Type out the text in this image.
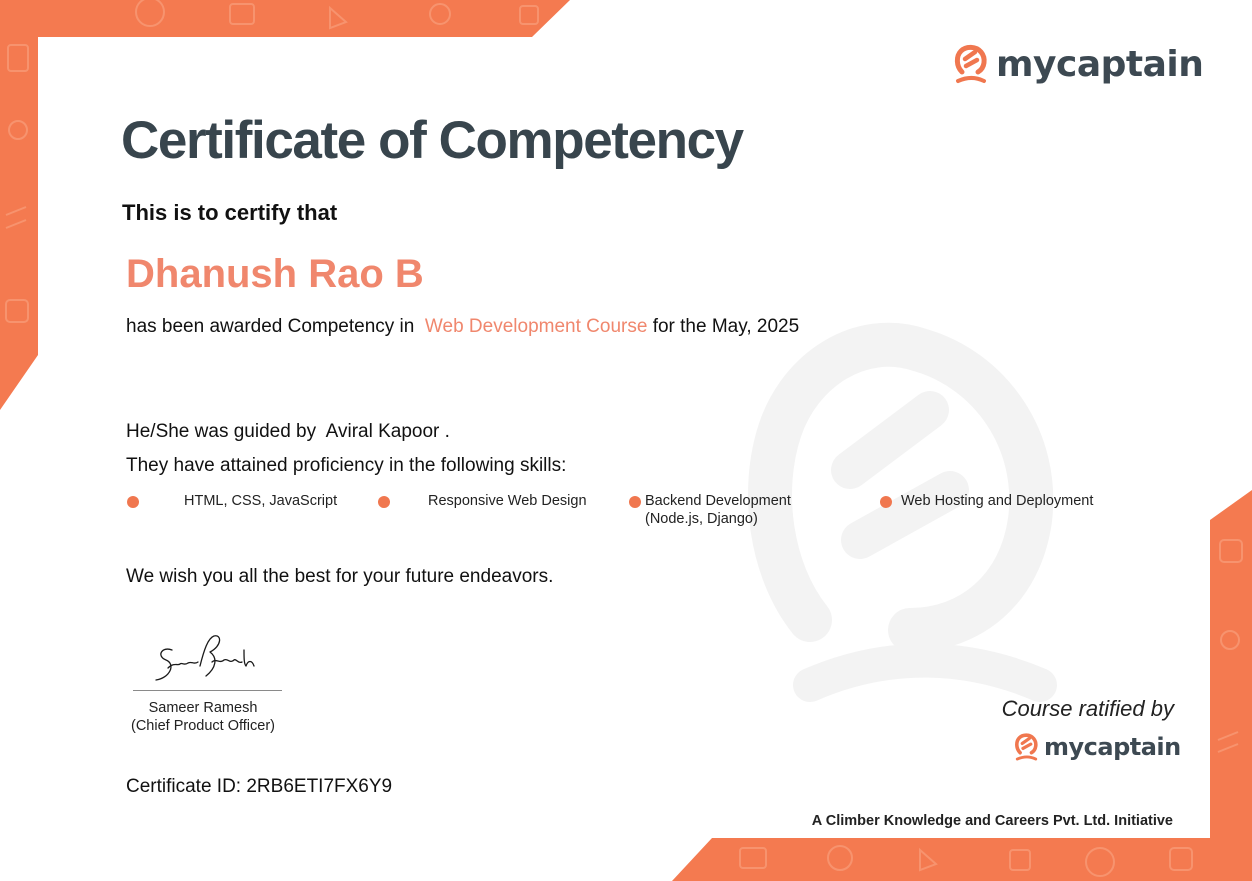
mycaptain
Certificate of Competency
This is to certify that
Dhanush Rao B
has been awarded Competency in Web Development Course for the May, 2025
He/She was guided by Aviral Kapoor .
They have attained proficiency in the following skills:
HTML, CSS, JavaScript	Responsive Web Design	Backend Development
(Node.js, Django)
Web Hosting and Deployment
We wish you all the best for your future endeavors.
Sameer Ramesh
(Chief Product Officer)
Certificate ID: 2RB6ETI7FX6Y9
Course ratified by
mycaptain
A Climber Knowledge and Careers Pvt. Ltd. Initiative
